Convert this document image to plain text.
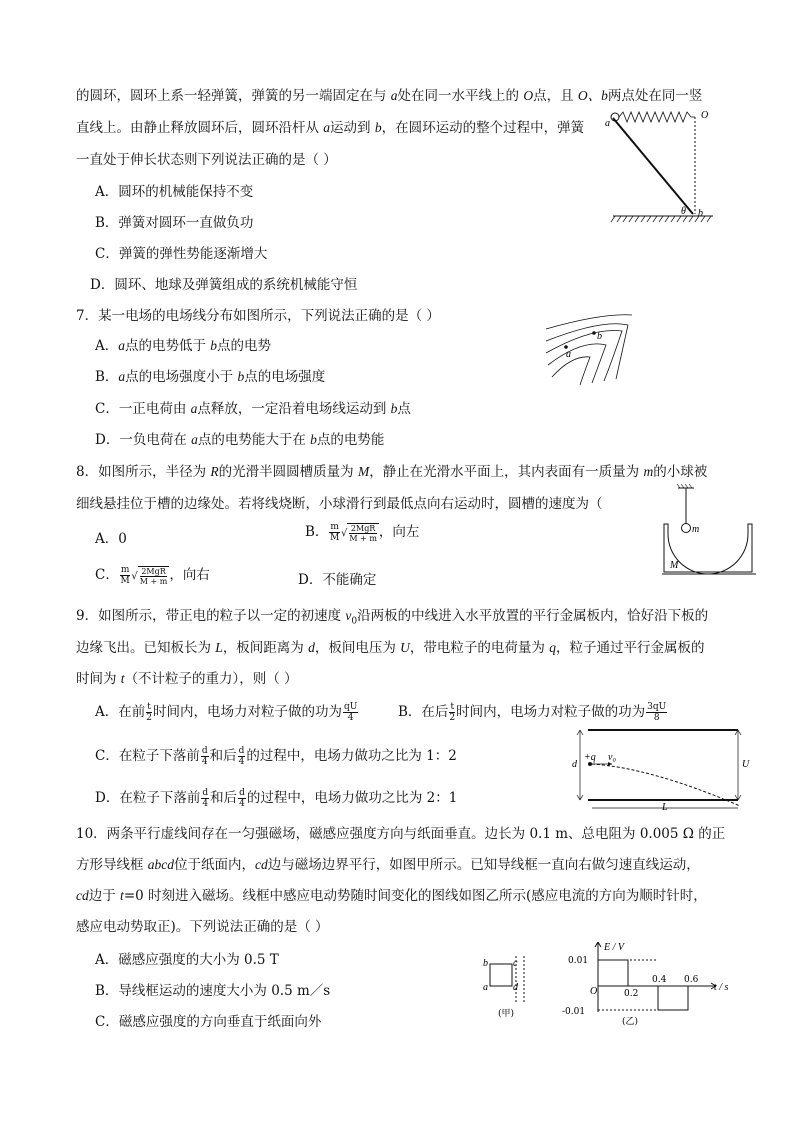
的圆环，圆环上系一轻弹簧，弹簧的另一端固定在与 a处在同一水平线上的 O点，且 O、b两点处在同一竖
直线上。由静止释放圆环后，圆环沿杆从 a运动到 b，在圆环运动的整个过程中，弹簧
一直处于伸长状态则下列说法正确的是（ ）
A．圆环的机械能保持不变
B．弹簧对圆环一直做负功
C．弹簧的弹性势能逐渐增大
D．圆环、地球及弹簧组成的系统机械能守恒
a
O
θ b
7．某一电场的电场线分布如图所示，下列说法正确的是（ ）
A．a点的电势低于 b点的电势
B．a点的电场强度小于 b点的电场强度
C．一正电荷由 a点释放，一定沿着电场线运动到 b点
D．一负电荷在 a点的电势能大于在 b点的电势能
b
a
8．如图所示，半径为 R的光滑半圆圆槽质量为 M，静止在光滑水平面上，其内表面有一质量为 m的小球被
细线悬挂位于槽的边缘处。若将线烧断，小球滑行到最低点向右运动时，圆槽的速度为（
A．0	B． $\frac{m}{M}$ √ 2MgR
M + m ，向左
C． $\frac{m}{M}$ √ 2MgR
M + m ，向右	D．不能确定
m
M
9．如图所示，带正电的粒子以一定的初速度 $v_0$沿两板的中线进入水平放置的平行金属板内，恰好沿下板的
边缘飞出。已知板长为 L，板间距离为 d，板间电压为 U，带电粒子的电荷量为 q，粒子通过平行金属板的
时间为 t（不计粒子的重力），则（ ）
A．在前 $\frac{t}{2}$ 时间内，电场力对粒子做的功为 $\frac{qU}{4}$	B．在后 $\frac{t}{2}$ 时间内，电场力对粒子做的功为 $\frac{3qU}{8}$
C．在粒子下落前 $\frac{d}{4}$ 和后 $\frac{d}{4}$ 的过程中，电场力做功之比为 1：2
D．在粒子下落前 $\frac{d}{4}$ 和后 $\frac{d}{4}$ 的过程中，电场力做功之比为 2：1
+q v₀
d	U
L
10．两条平行虚线间存在一匀强磁场，磁感应强度方向与纸面垂直。边长为 0.1 m、总电阻为 0.005 Ω 的正
方形导线框 abcd位于纸面内，cd边与磁场边界平行，如图甲所示。已知导线框一直向右做匀速直线运动，
cd边于 t=0 时刻进入磁场。线框中感应电动势随时间变化的图线如图乙所示(感应电流的方向为顺时针时，
感应电动势取正)。下列说法正确的是（ ）
A．磁感应强度的大小为 0.5 T
B．导线框运动的速度大小为 0.5 m／s
C．磁感应强度的方向垂直于纸面向外
b	c
a	d
(甲)
E / V
0.01
-0.01
O	0.2
0.4 0.6
t / s
(乙)
